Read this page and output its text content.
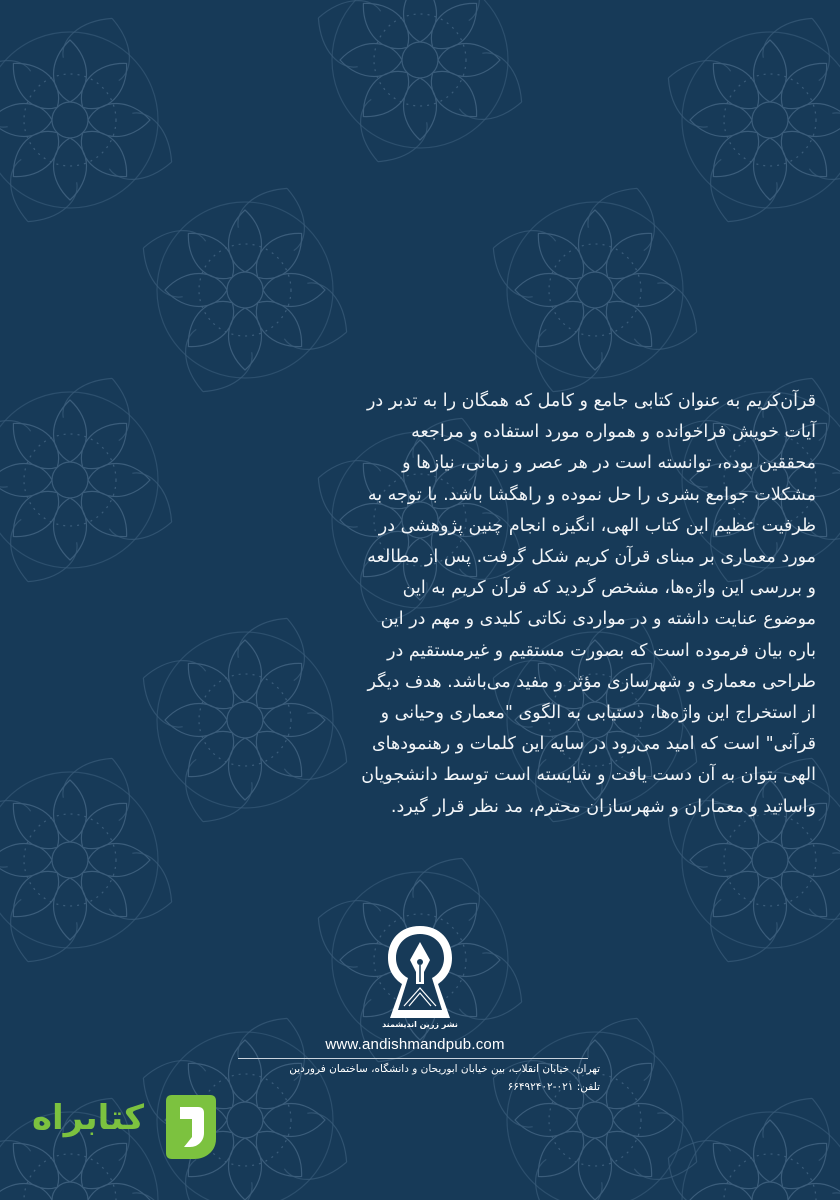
قرآن‌کریم به عنوان کتابی جامع و کامل که همگان را به تدبر در
آیات خویش فراخوانده و همواره مورد استفاده و مراجعه
محققین بوده، توانسته است در هر عصر و زمانی، نیازها و
مشکلات جوامع بشری را حل نموده و راهگشا باشد. با توجه به
ظرفیت عظیم این کتاب الهی، انگیزه انجام چنین پژوهشی در
مورد معماری بر مبنای قرآن کریم شکل گرفت. پس از مطالعه
و بررسی این واژه‌ها، مشخص گردید که قرآن کریم به این
موضوع عنایت داشته و در مواردی نکاتی کلیدی و مهم در این
باره بیان فرموده است که بصورت مستقیم و غیرمستقیم در
طراحی معماری و شهرسازی مؤثر و مفید می‌باشد. هدف دیگر
از استخراج این واژه‌ها، دستیابی به الگوی "معماری وحیانی و
قرآنی" است که امید می‌رود در سایه این کلمات و رهنمودهای
الهی بتوان به آن دست یافت و شایسته است توسط دانشجویان
واساتید و معماران و شهرسازان محترم، مد نظر قرار گیرد.
نشر زرین اندیشمند
www.andishmandpub.com
تهران، خیابان انقلاب، بین خیابان ابوریحان و دانشگاه، ساختمان فروردین
تلفن: ۰۲۱-۶۶۴۹۲۴۰۲
کتابراه
